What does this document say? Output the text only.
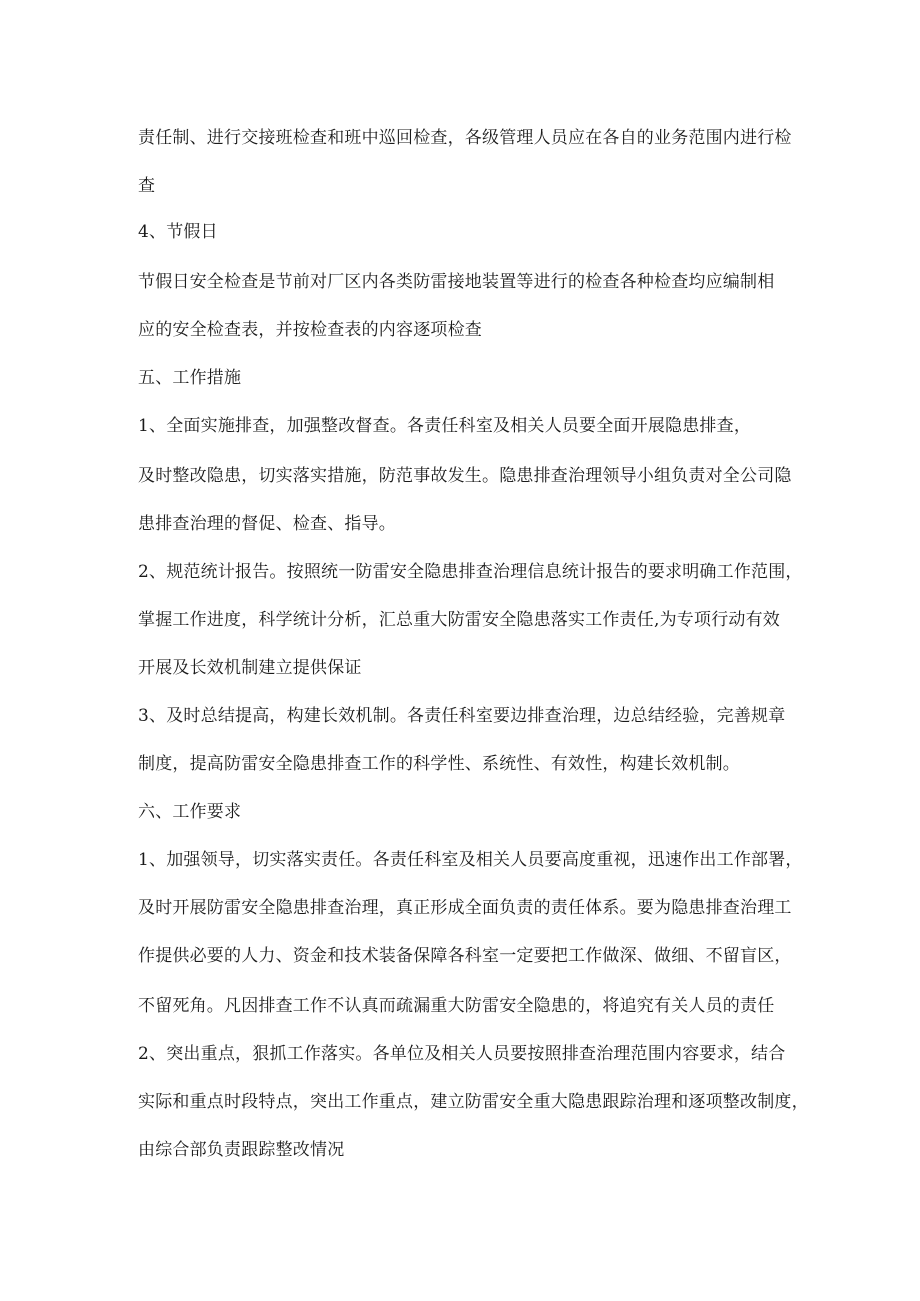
责任制、进行交接班检查和班中巡回检查，各级管理人员应在各自的业务范围内进行检
查
4、节假日
节假日安全检查是节前对厂区内各类防雷接地装置等进行的检查各种检查均应编制相
应的安全检查表，并按检查表的内容逐项检查
五、工作措施
1、全面实施排查，加强整改督查。各责任科室及相关人员要全面开展隐患排查，
及时整改隐患，切实落实措施，防范事故发生。隐患排查治理领导小组负责对全公司隐
患排查治理的督促、检查、指导。
2、规范统计报告。按照统一防雷安全隐患排查治理信息统计报告的要求明确工作范围，
掌握工作进度，科学统计分析，汇总重大防雷安全隐患落实工作责任,为专项行动有效
开展及长效机制建立提供保证
3、及时总结提高，构建长效机制。各责任科室要边排查治理，边总结经验，完善规章
制度，提高防雷安全隐患排查工作的科学性、系统性、有效性，构建长效机制。
六、工作要求
1、加强领导，切实落实责任。各责任科室及相关人员要高度重视，迅速作出工作部署，
及时开展防雷安全隐患排查治理，真正形成全面负责的责任体系。要为隐患排查治理工
作提供必要的人力、资金和技术装备保障各科室一定要把工作做深、做细、不留盲区，
不留死角。凡因排查工作不认真而疏漏重大防雷安全隐患的，将追究有关人员的责任
2、突出重点，狠抓工作落实。各单位及相关人员要按照排查治理范围内容要求，结合
实际和重点时段特点，突出工作重点，建立防雷安全重大隐患跟踪治理和逐项整改制度，
由综合部负责跟踪整改情况
